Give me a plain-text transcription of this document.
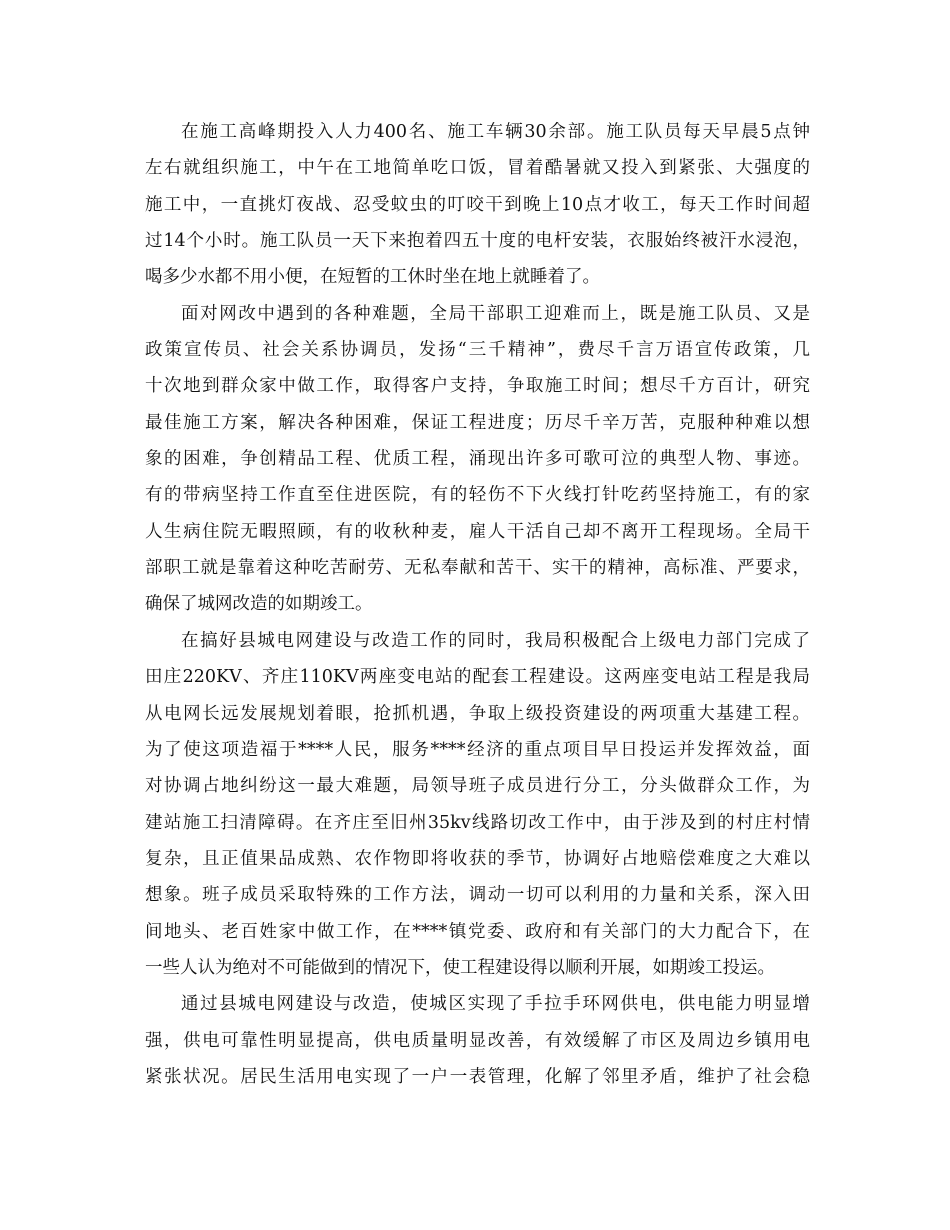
在施工高峰期投入人力400名、施工车辆30余部。施工队员每天早晨5点钟
左右就组织施工，中午在工地简单吃口饭，冒着酷暑就又投入到紧张、大强度的
施工中，一直挑灯夜战、忍受蚊虫的叮咬干到晚上10点才收工，每天工作时间超
过14个小时。施工队员一天下来抱着四五十度的电杆安装，衣服始终被汗水浸泡，
喝多少水都不用小便，在短暂的工休时坐在地上就睡着了。
面对网改中遇到的各种难题，全局干部职工迎难而上，既是施工队员、又是
政策宣传员、社会关系协调员，发扬“三千精神”，费尽千言万语宣传政策，几
十次地到群众家中做工作，取得客户支持，争取施工时间；想尽千方百计，研究
最佳施工方案，解决各种困难，保证工程进度；历尽千辛万苦，克服种种难以想
象的困难，争创精品工程、优质工程，涌现出许多可歌可泣的典型人物、事迹。
有的带病坚持工作直至住进医院，有的轻伤不下火线打针吃药坚持施工，有的家
人生病住院无暇照顾，有的收秋种麦，雇人干活自己却不离开工程现场。全局干
部职工就是靠着这种吃苦耐劳、无私奉献和苦干、实干的精神，高标准、严要求，
确保了城网改造的如期竣工。
在搞好县城电网建设与改造工作的同时，我局积极配合上级电力部门完成了
田庄220KV、齐庄110KV两座变电站的配套工程建设。这两座变电站工程是我局
从电网长远发展规划着眼，抢抓机遇，争取上级投资建设的两项重大基建工程。
为了使这项造福于****人民，服务****经济的重点项目早日投运并发挥效益，面
对协调占地纠纷这一最大难题，局领导班子成员进行分工，分头做群众工作，为
建站施工扫清障碍。在齐庄至旧州35kv线路切改工作中，由于涉及到的村庄村情
复杂，且正值果品成熟、农作物即将收获的季节，协调好占地赔偿难度之大难以
想象。班子成员采取特殊的工作方法，调动一切可以利用的力量和关系，深入田
间地头、老百姓家中做工作，在****镇党委、政府和有关部门的大力配合下，在
一些人认为绝对不可能做到的情况下，使工程建设得以顺利开展，如期竣工投运。
通过县城电网建设与改造，使城区实现了手拉手环网供电，供电能力明显增
强，供电可靠性明显提高，供电质量明显改善，有效缓解了市区及周边乡镇用电
紧张状况。居民生活用电实现了一户一表管理，化解了邻里矛盾，维护了社会稳
